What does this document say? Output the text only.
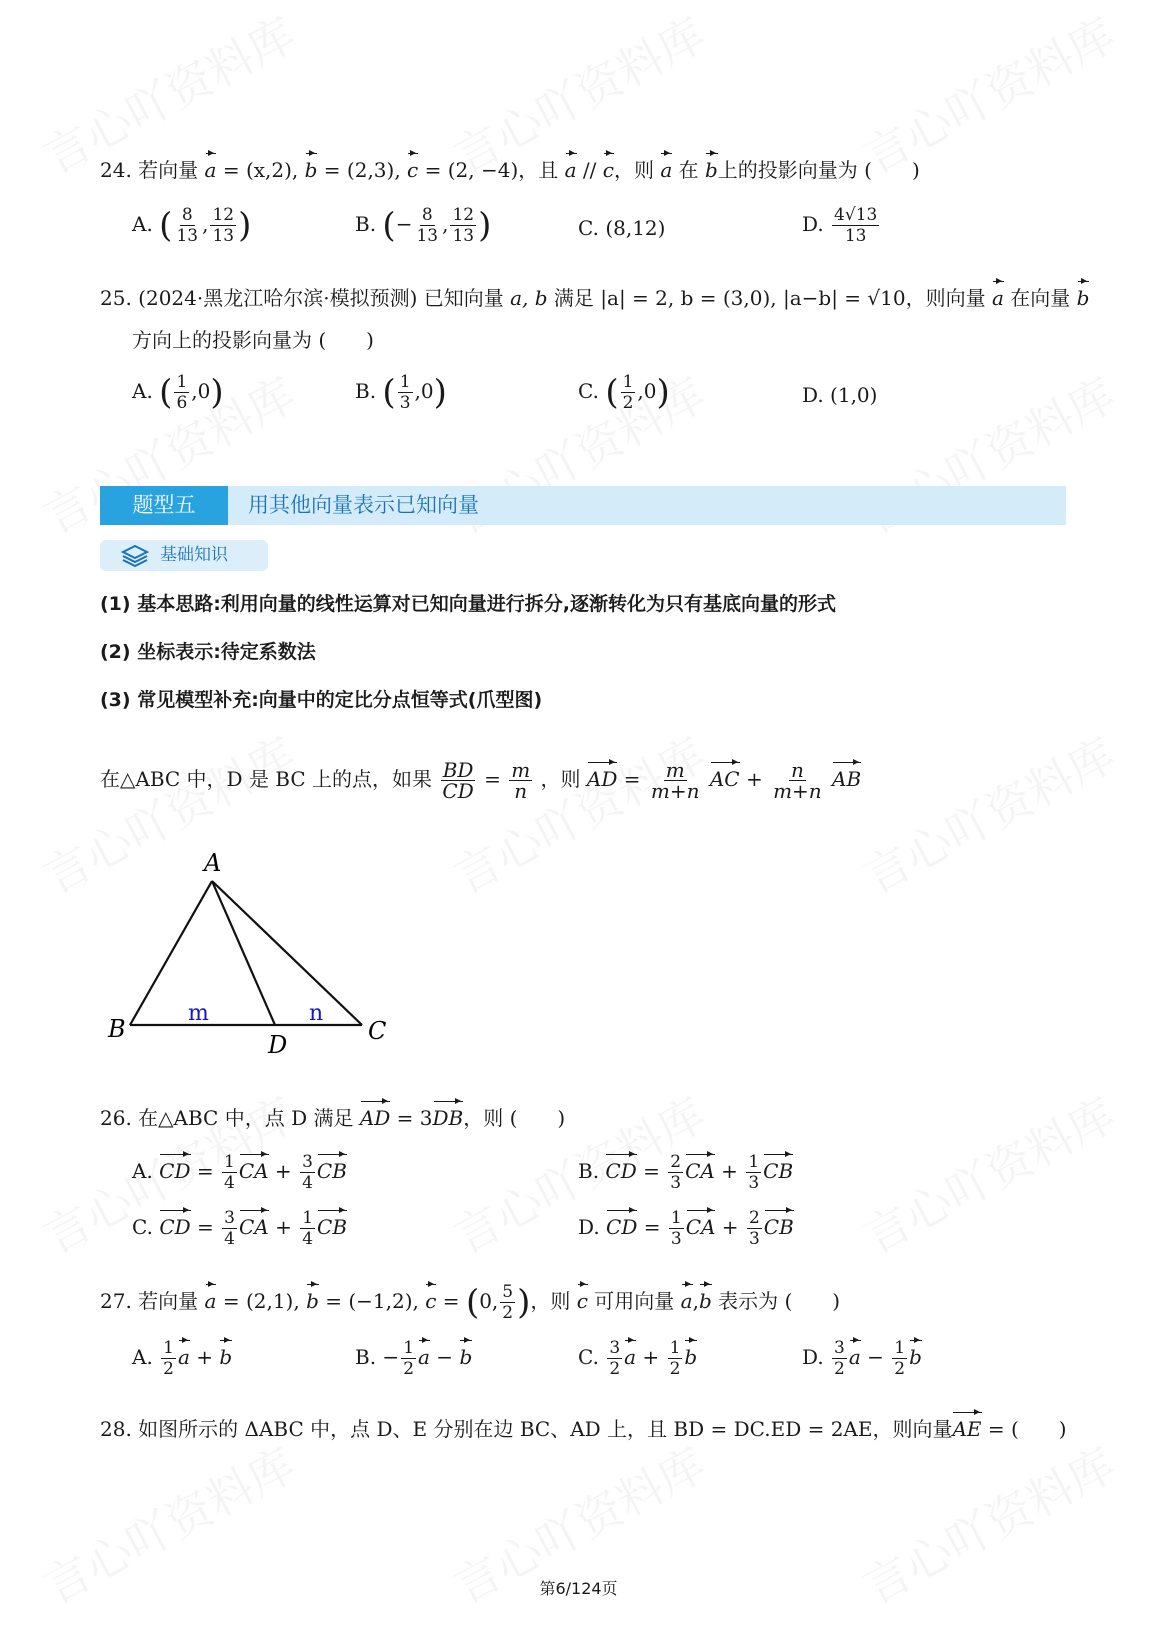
24. 若向量 a = (x,2), b = (2,3), c = (2, −4)，且 a // c，则 a 在 b上的投影向量为 (　　)
A. ( $\frac{8}{13}$ , $\frac{12}{13}$ )	B. (− $\frac{8}{13}$ , $\frac{12}{13}$ )	C. (8,12)	D. $\frac{4√13}{13}$
25. (2024·黑龙江哈尔滨·模拟预测) 已知向量 a, b 满足 |a| = 2, b = (3,0), |a−b| = √10，则向量 a 在向量 b
方向上的投影向量为 (　　)
A. ( $\frac{1}{6} ,0$)	B. ( $\frac{1}{3} ,0$)	C. ( $\frac{1}{2} ,0$)	D. (1,0)
题型五	用其他向量表示已知向量
基础知识
(1) 基本思路:利用向量的线性运算对已知向量进行拆分,逐渐转化为只有基底向量的形式
(2) 坐标表示:待定系数法
(3) 常见模型补充:向量中的定比分点恒等式(爪型图)
在△ABC 中，D 是 BC 上的点，如果 $\frac{BD}{CD} = \frac{m}{n}$ ，则 AD = $\frac{m}{m+n}$ AC + $\frac{n}{m+n}$ AB
A
B	C
D
m	n
26. 在△ABC 中，点 D 满足 AD = 3DB，则 (　　)
A. CD = $\frac{1}{4}$ CA + $\frac{3}{4}$ CB	B. CD = $\frac{2}{3}$ CA + $\frac{1}{3}$ CB
C. CD = $\frac{3}{4}$ CA + $\frac{1}{4}$ CB	D. CD = $\frac{1}{3}$ CA + $\frac{2}{3}$ CB
27. 若向量 a = (2,1), b = (−1,2), c = (0, $\frac{5}{2}$ )，则 c 可用向量 a,b 表示为 (　　)
A. $\frac{1}{2}$ a + b	B. − $\frac{1}{2}$ a − b	C. $\frac{3}{2}$ $a + \frac{1}{2}$ b	D. $\frac{3}{2}$ $a - \frac{1}{2}$ b
28. 如图所示的 ΔABC 中，点 D、E 分别在边 BC、AD 上，且 BD = DC.ED = 2AE，则向量AE = (　　)
第6/124页
